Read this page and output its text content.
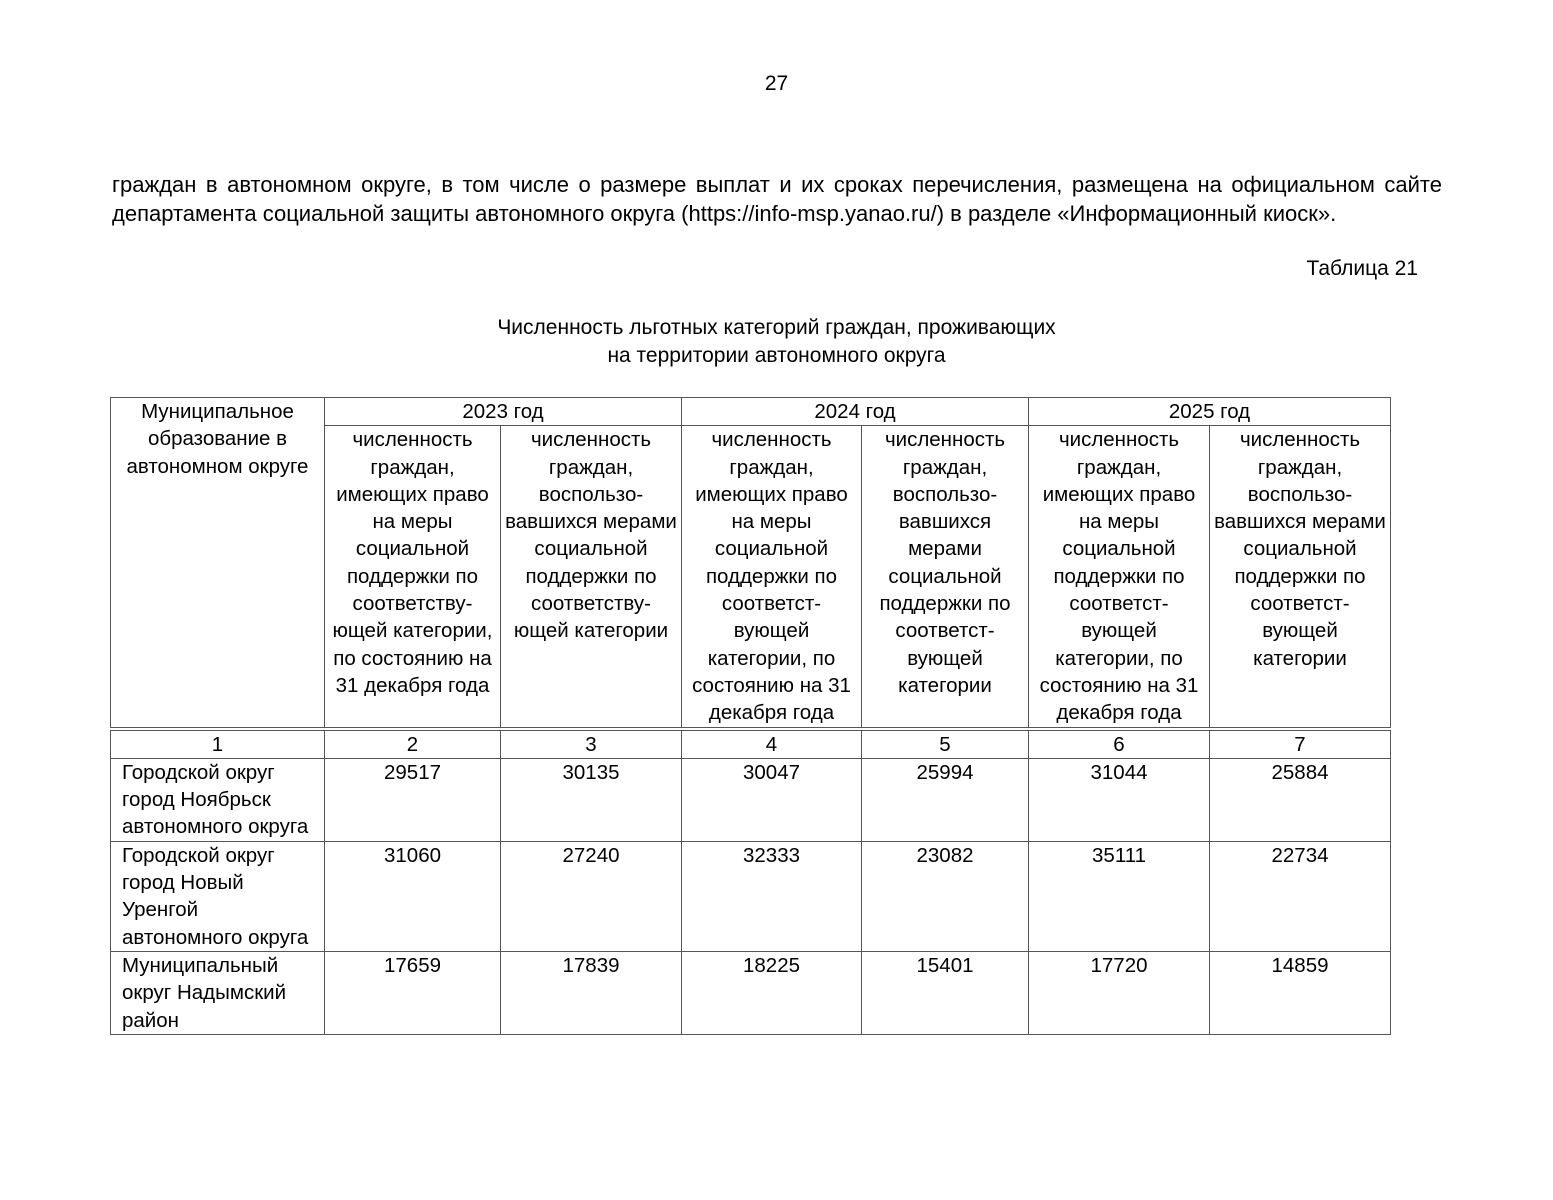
27
граждан в автономном округе, в том числе о размере выплат и их сроках перечисления, размещена на официальном сайте департамента социальной защиты автономного округа (https://info-msp.yanao.ru/) в разделе «Информационный киоск».
Таблица 21
Численность льготных категорий граждан, проживающих
на территории автономного округа
Муниципальное образование в автономном округе	2023 год		2024 год		2025 год	
	численность граждан, имеющих право на меры социальной поддержки по соответству-ющей категории, по состоянию на 31 декабря года	численность граждан, воспользо-вавшихся мерами социальной поддержки по соответству-ющей категории	численность граждан, имеющих право на меры социальной поддержки по соответст-вующей категории, по состоянию на 31 декабря года	численность граждан, воспользо-вавшихся мерами социальной поддержки по соответст-вующей категории	численность граждан, имеющих право на меры социальной поддержки по соответст-вующей категории, по состоянию на 31 декабря года	численность граждан, воспользо-вавшихся мерами социальной поддержки по соответст-вующей категории
1	2	3	4	5	6	7
Городской округ город Ноябрьск автономного округа	29517	30135	30047	25994	31044	25884
Городской округ город Новый Уренгой автономного округа	31060	27240	32333	23082	35111	22734
Муниципальный округ Надымский район	17659	17839	18225	15401	17720	14859
